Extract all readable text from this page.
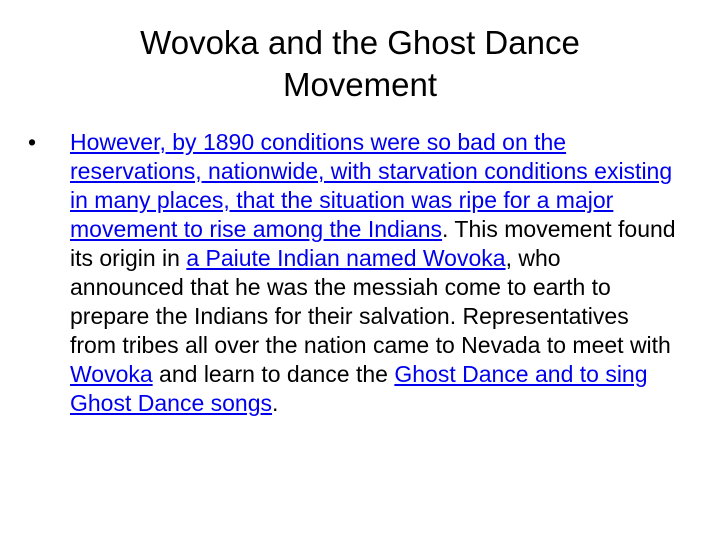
Wovoka and the Ghost Dance
Movement
•	However, by 1890 conditions were so bad on the reservations, nationwide, with starvation conditions existing in many places, that the situation was ripe for a major movement to rise among the Indians. This movement found its origin in a Paiute Indian named Wovoka, who announced that he was the messiah come to earth to prepare the Indians for their salvation. Representatives from tribes all over the nation came to Nevada to meet with Wovoka and learn to dance the Ghost Dance and to sing Ghost Dance songs.
